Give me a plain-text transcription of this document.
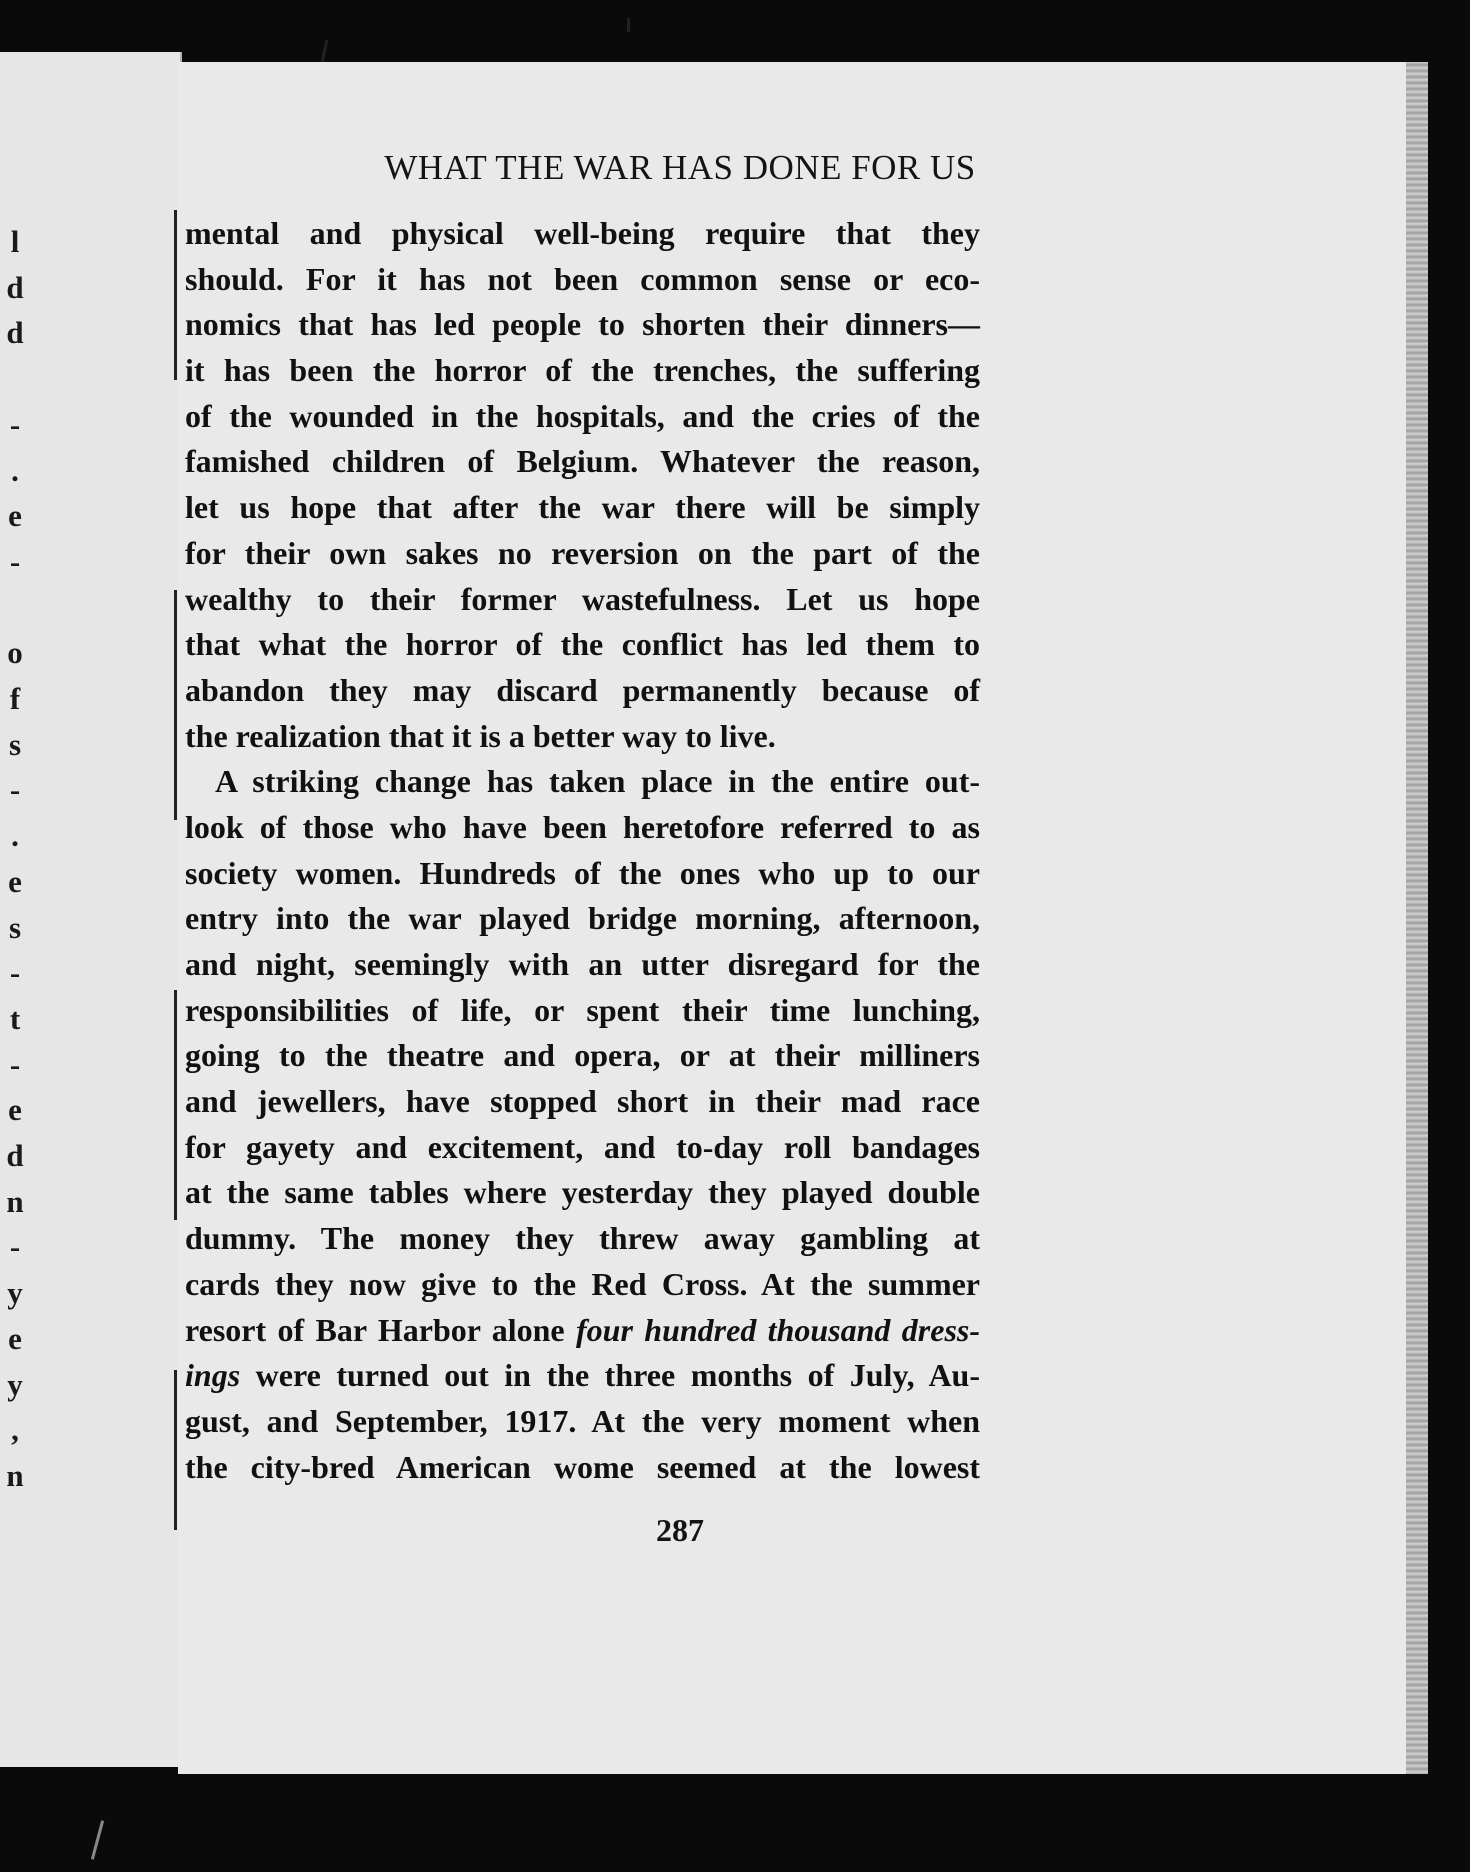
l
d
d
-
.
e
-
o
f
s
-
.
e
s
-
t
-
e
d
n
-
y
e
y
,
n
WHAT THE WAR HAS DONE FOR US
mental and physical well-being require that they
should. For it has not been common sense or eco-
nomics that has led people to shorten their dinners—
it has been the horror of the trenches, the suffering
of the wounded in the hospitals, and the cries of the
famished children of Belgium. Whatever the reason,
let us hope that after the war there will be simply
for their own sakes no reversion on the part of the
wealthy to their former wastefulness. Let us hope
that what the horror of the conflict has led them to
abandon they may discard permanently because of
the realization that it is a better way to live.
A striking change has taken place in the entire out-
look of those who have been heretofore referred to as
society women. Hundreds of the ones who up to our
entry into the war played bridge morning, afternoon,
and night, seemingly with an utter disregard for the
responsibilities of life, or spent their time lunching,
going to the theatre and opera, or at their milliners
and jewellers, have stopped short in their mad race
for gayety and excitement, and to-day roll bandages
at the same tables where yesterday they played double
dummy. The money they threw away gambling at
cards they now give to the Red Cross. At the summer
resort of Bar Harbor alone four hundred thousand dress-
ings were turned out in the three months of July, Au-
gust, and September, 1917. At the very moment when
the city-bred American wome seemed at the lowest
287
